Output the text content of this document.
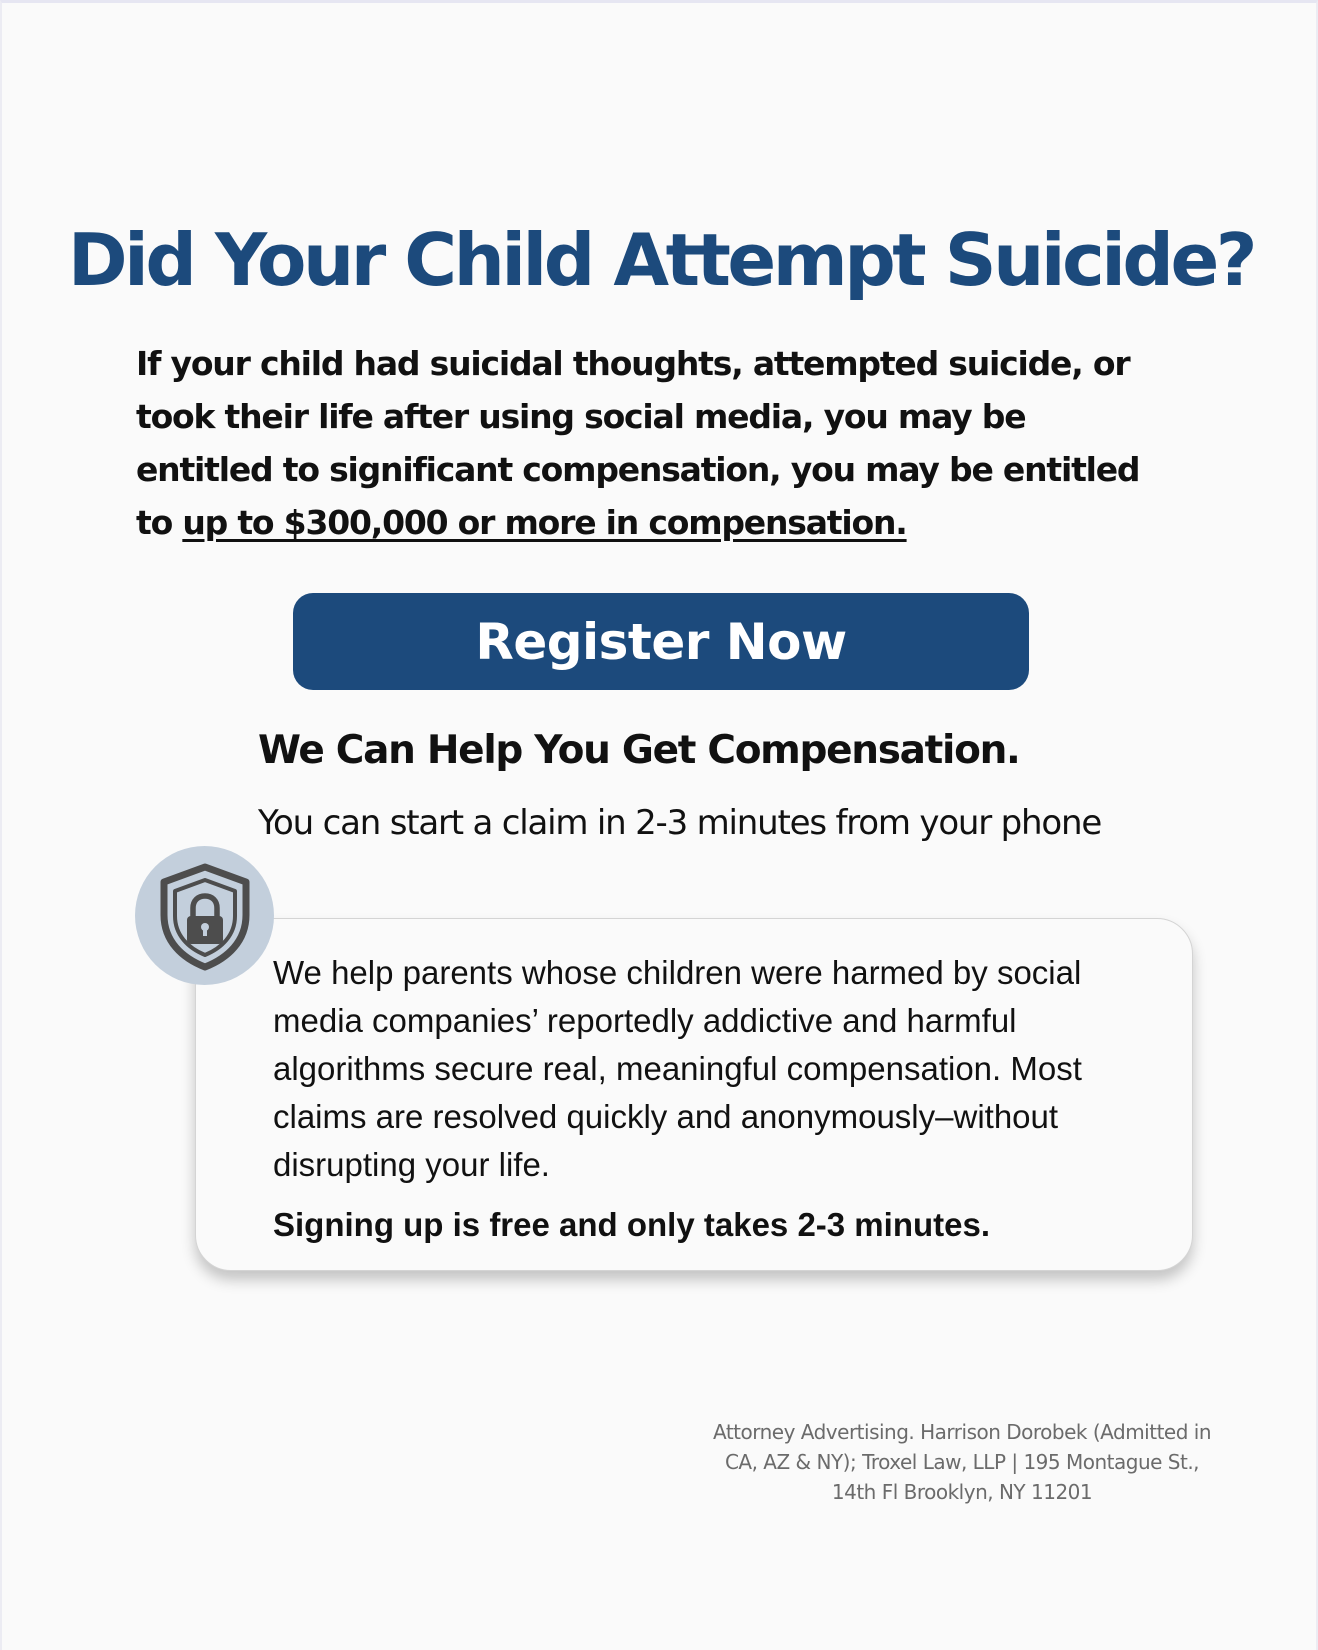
Did Your Child Attempt Suicide?

If your child had suicidal thoughts, attempted suicide, or took their life after using social media, you may be entitled to significant compensation, you may be entitled to up to $300,000 or more in compensation.

Register Now
We Can Help You Get Compensation.

You can start a claim in 2-3 minutes from your phone

We help parents whose children were harmed by social media companies’ reportedly addictive and harmful algorithms secure real, meaningful compensation. Most claims are resolved quickly and anonymously–without disrupting your life.

Signing up is free and only takes 2-3 minutes.

Attorney Advertising. Harrison Dorobek (Admitted in CA, AZ & NY); Troxel Law, LLP | 195 Montague St., 14th Fl Brooklyn, NY 11201
